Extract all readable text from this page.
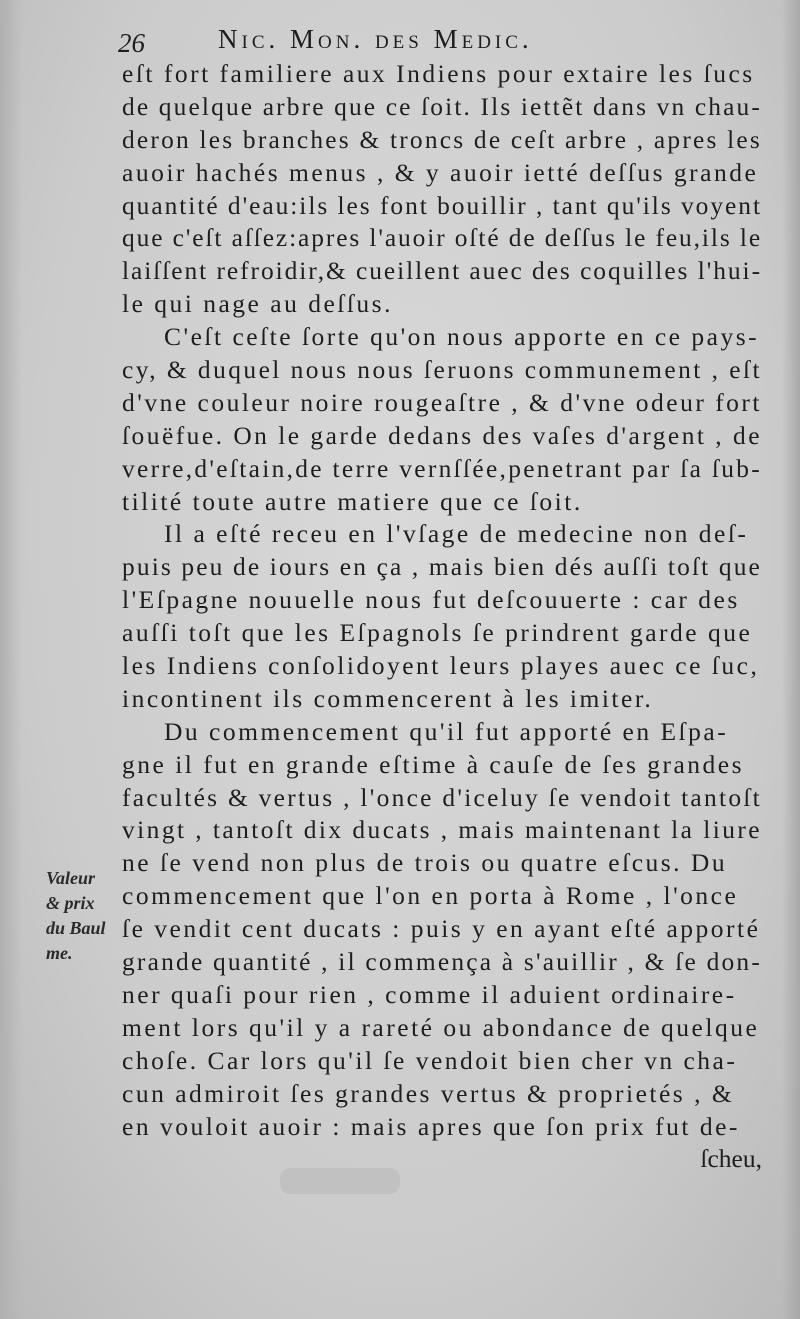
26	Nic. Mon. des Medic.
eſt fort familiere aux Indiens pour extaire les ſucs
de quelque arbre que ce ſoit. Ils iettẽt dans vn chau-
deron les branches & troncs de ceſt arbre , apres les
auoir hachés menus , & y auoir ietté deſſus grande
quantité d'eau:ils les font bouillir , tant qu'ils voyent
que c'eſt aſſez:apres l'auoir oſté de deſſus le feu,ils le
laiſſent refroidir,& cueillent auec des coquilles l'hui-
le qui nage au deſſus.
C'eſt ceſte ſorte qu'on nous apporte en ce pays-
cy, & duquel nous nous ſeruons communement , eſt
d'vne couleur noire rougeaſtre , & d'vne odeur fort
ſouëfue. On le garde dedans des vaſes d'argent , de
verre,d'eſtain,de terre vernſſée,penetrant par ſa ſub-
tilité toute autre matiere que ce ſoit.
Il a eſté receu en l'vſage de medecine non deſ-
puis peu de iours en ça , mais bien dés auſſi toſt que
l'Eſpagne nouuelle nous fut deſcouuerte : car des
auſſi toſt que les Eſpagnols ſe prindrent garde que
les Indiens conſolidoyent leurs playes auec ce ſuc,
incontinent ils commencerent à les imiter.
Du commencement qu'il fut apporté en Eſpa-
gne il fut en grande eſtime à cauſe de ſes grandes
facultés & vertus , l'once d'iceluy ſe vendoit tantoſt
vingt , tantoſt dix ducats , mais maintenant la liure
ne ſe vend non plus de trois ou quatre eſcus. Du
commencement que l'on en porta à Rome , l'once
ſe vendit cent ducats : puis y en ayant eſté apporté
grande quantité , il commença à s'auillir , & ſe don-
ner quaſi pour rien , comme il aduient ordinaire-
ment lors qu'il y a rareté ou abondance de quelque
choſe. Car lors qu'il ſe vendoit bien cher vn cha-
cun admiroit ſes grandes vertus & proprietés , &
en vouloit auoir : mais apres que ſon prix fut de-
ſcheu,
Valeur
& prix
du Baul
me.
